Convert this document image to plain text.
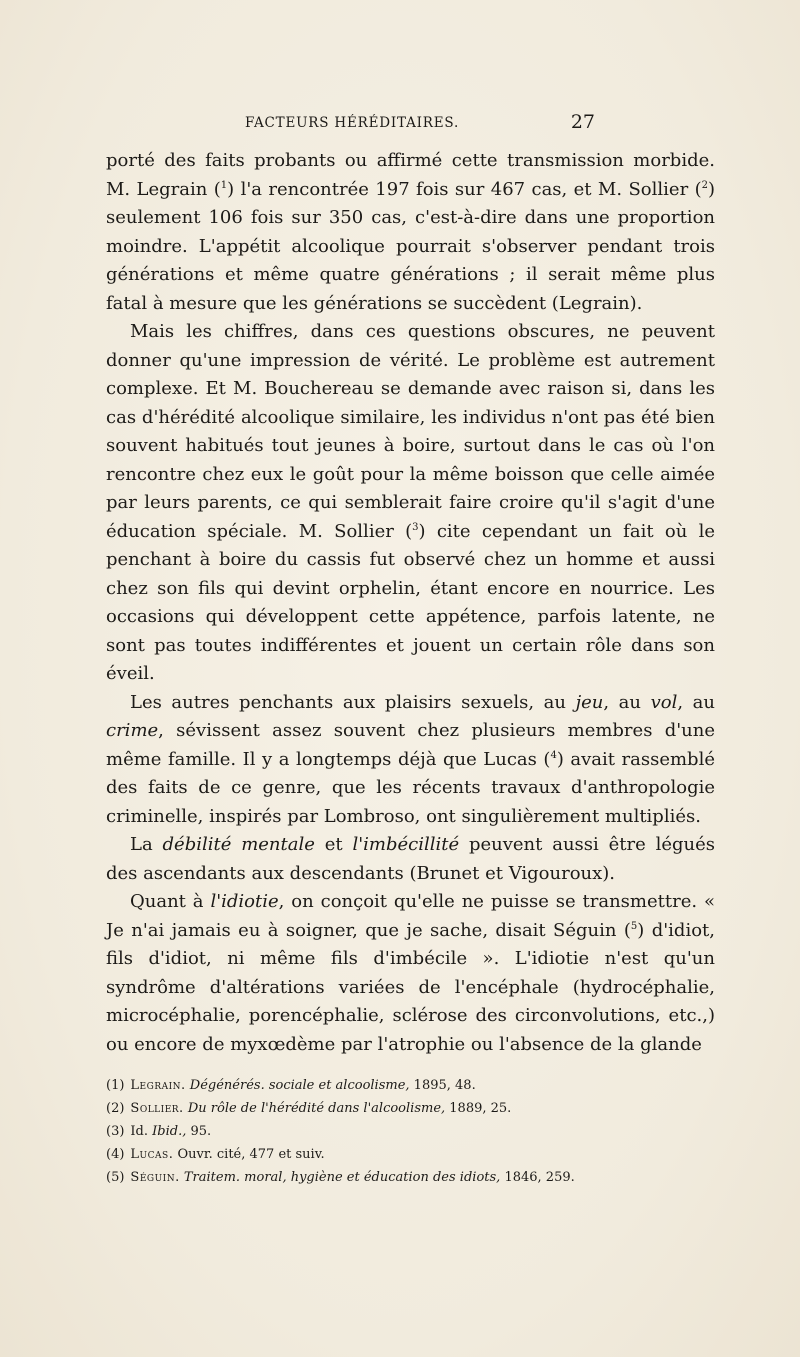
FACTEURS HÉRÉDITAIRES.	27

porté des faits probants ou affirmé cette transmission morbide. M. Legrain ($^1$) l'a rencontrée 197 fois sur 467 cas, et M. Sollier ($^2$) seulement 106 fois sur 350 cas, c'est-à-dire dans une proportion moindre. L'appétit alcoolique pourrait s'observer pendant trois générations et même quatre générations ; il serait même plus fatal à mesure que les générations se succèdent (Legrain).

Mais les chiffres, dans ces questions obscures, ne peuvent donner qu'une impression de vérité. Le problème est autrement complexe. Et M. Bouchereau se demande avec raison si, dans les cas d'hérédité alcoolique similaire, les individus n'ont pas été bien souvent habitués tout jeunes à boire, surtout dans le cas où l'on rencontre chez eux le goût pour la même boisson que celle aimée par leurs parents, ce qui semblerait faire croire qu'il s'agit d'une éducation spéciale. M. Sollier ($^3$) cite cependant un fait où le penchant à boire du cassis fut observé chez un homme et aussi chez son fils qui devint orphelin, étant encore en nourrice. Les occasions qui développent cette appétence, parfois latente, ne sont pas toutes indifférentes et jouent un certain rôle dans son éveil.

Les autres penchants aux plaisirs sexuels, au jeu, au vol, au crime, sévissent assez souvent chez plusieurs membres d'une même famille. Il y a longtemps déjà que Lucas ($^4$) avait rassemblé des faits de ce genre, que les récents travaux d'anthropologie criminelle, inspirés par Lombroso, ont singulièrement multipliés.

La débilité mentale et l'imbécillité peuvent aussi être légués des ascendants aux descendants (Brunet et Vigouroux).

Quant à l'idiotie, on conçoit qu'elle ne puisse se transmettre. « Je n'ai jamais eu à soigner, que je sache, disait Séguin ($^5$) d'idiot, fils d'idiot, ni même fils d'imbécile ». L'idiotie n'est qu'un syndrôme d'altérations variées de l'encéphale (hydrocéphalie, microcéphalie, porencéphalie, sclérose des circonvolutions, etc.,) ou encore de myxœdème par l'atrophie ou l'absence de la glande

(1) Legrain. Dégénérés. sociale et alcoolisme, 1895, 48.

(2) Sollier. Du rôle de l'hérédité dans l'alcoolisme, 1889, 25.

(3) Id. Ibid., 95.

(4) Lucas. Ouvr. cité, 477 et suiv.

(5) Séguin. Traitem. moral, hygiène et éducation des idiots, 1846, 259.
